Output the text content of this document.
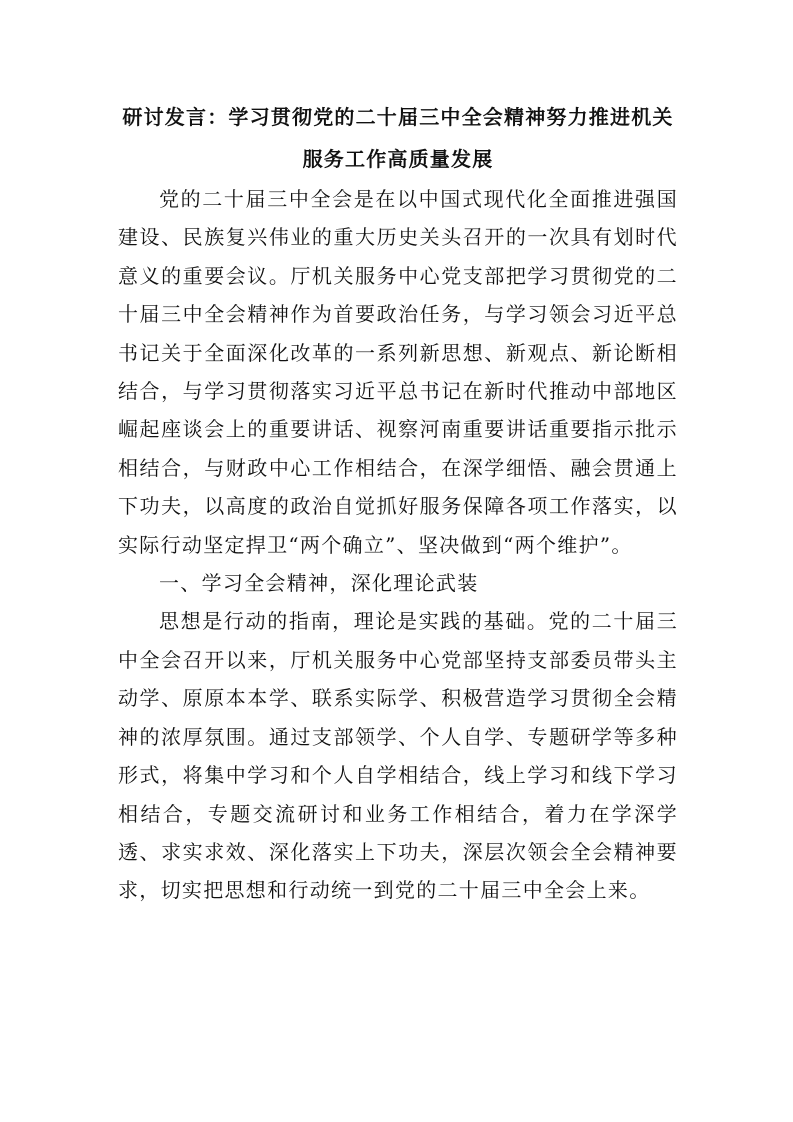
研讨发言：学习贯彻党的二十届三中全会精神努力推进机关
服务工作高质量发展

党的二十届三中全会是在以中国式现代化全面推进强国建设、民族复兴伟业的重大历史关头召开的一次具有划时代意义的重要会议。厅机关服务中心党支部把学习贯彻党的二十届三中全会精神作为首要政治任务，与学习领会习近平总书记关于全面深化改革的一系列新思想、新观点、新论断相结合，与学习贯彻落实习近平总书记在新时代推动中部地区崛起座谈会上的重要讲话、视察河南重要讲话重要指示批示相结合，与财政中心工作相结合，在深学细悟、融会贯通上下功夫，以高度的政治自觉抓好服务保障各项工作落实，以实际行动坚定捍卫“两个确立”、坚决做到“两个维护”。

一、学习全会精神，深化理论武装

思想是行动的指南，理论是实践的基础。党的二十届三中全会召开以来，厅机关服务中心党部坚持支部委员带头主动学、原原本本学、联系实际学、积极营造学习贯彻全会精神的浓厚氛围。通过支部领学、个人自学、专题研学等多种形式，将集中学习和个人自学相结合，线上学习和线下学习相结合，专题交流研讨和业务工作相结合，着力在学深学透、求实求效、深化落实上下功夫，深层次领会全会精神要求，切实把思想和行动统一到党的二十届三中全会上来。
